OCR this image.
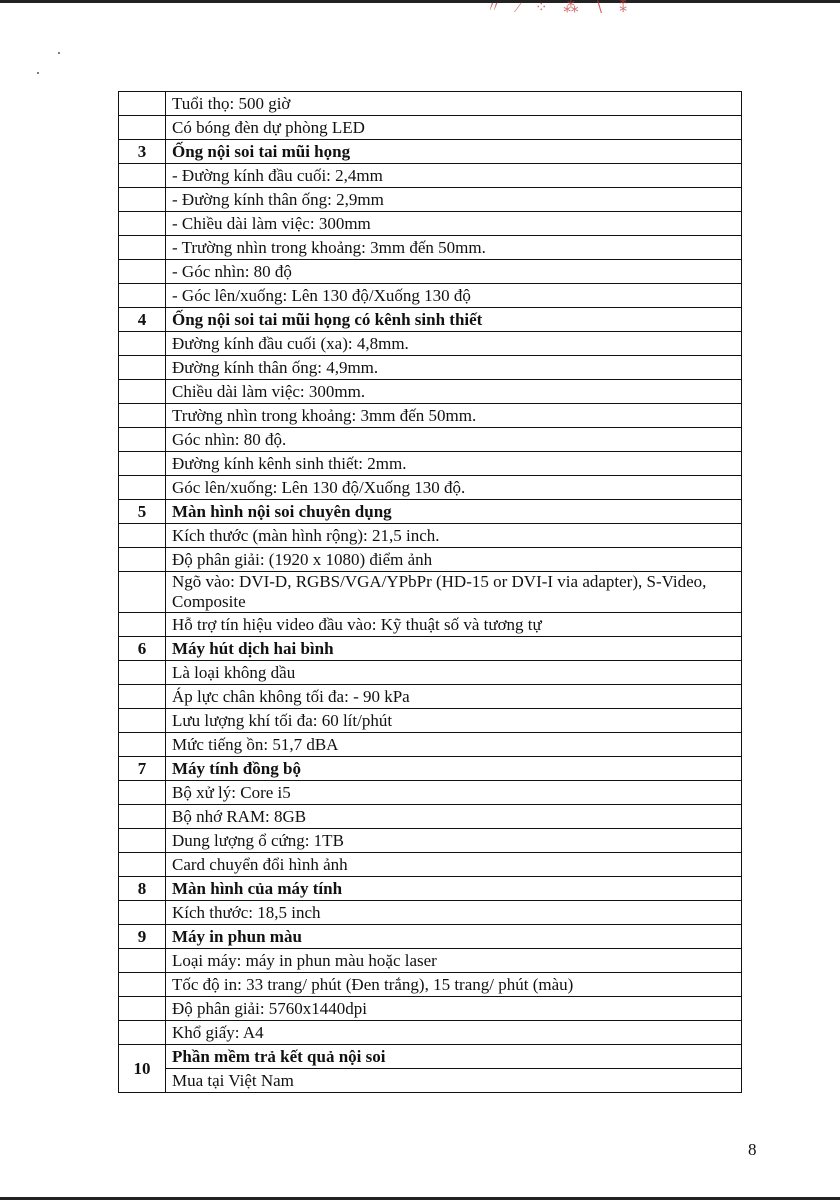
〃 ⁄ ⁘ ⁂ ∖ ⁑
	Tuổi thọ: 500 giờ
	Có bóng đèn dự phòng LED
3	Ống nội soi tai mũi họng
	- Đường kính đầu cuối: 2,4mm
	- Đường kính thân ống: 2,9mm
	- Chiều dài làm việc: 300mm
	- Trường nhìn trong khoảng: 3mm đến 50mm.
	- Góc nhìn: 80 độ
	- Góc lên/xuống: Lên 130 độ/Xuống 130 độ
4	Ống nội soi tai mũi họng có kênh sinh thiết
	Đường kính đầu cuối (xa): 4,8mm.
	Đường kính thân ống: 4,9mm.
	Chiều dài làm việc: 300mm.
	Trường nhìn trong khoảng: 3mm đến 50mm.
	Góc nhìn: 80 độ.
	Đường kính kênh sinh thiết: 2mm.
	Góc lên/xuống: Lên 130 độ/Xuống 130 độ.
5	Màn hình nội soi chuyên dụng
	Kích thước (màn hình rộng): 21,5 inch.
	Độ phân giải: (1920 x 1080) điểm ảnh
	Ngõ vào: DVI-D, RGBS/VGA/YPbPr (HD-15 or DVI-I via adapter), S-Video, Composite
	Hỗ trợ tín hiệu video đầu vào: Kỹ thuật số và tương tự
6	Máy hút dịch hai bình
	Là loại không dầu
	Áp lực chân không tối đa: - 90 kPa
	Lưu lượng khí tối đa: 60 lít/phút
	Mức tiếng ồn: 51,7 dBA
7	Máy tính đồng bộ
	Bộ xử lý: Core i5
	Bộ nhớ RAM: 8GB
	Dung lượng ổ cứng: 1TB
	Card chuyển đổi hình ảnh
8	Màn hình của máy tính
	Kích thước: 18,5 inch
9	Máy in phun màu
	Loại máy: máy in phun màu hoặc laser
	Tốc độ in: 33 trang/ phút (Đen trắng), 15 trang/ phút (màu)
	Độ phân giải: 5760x1440dpi
	Khổ giấy: A4
10	Phần mềm trả kết quả nội soi
	Mua tại Việt Nam
8
